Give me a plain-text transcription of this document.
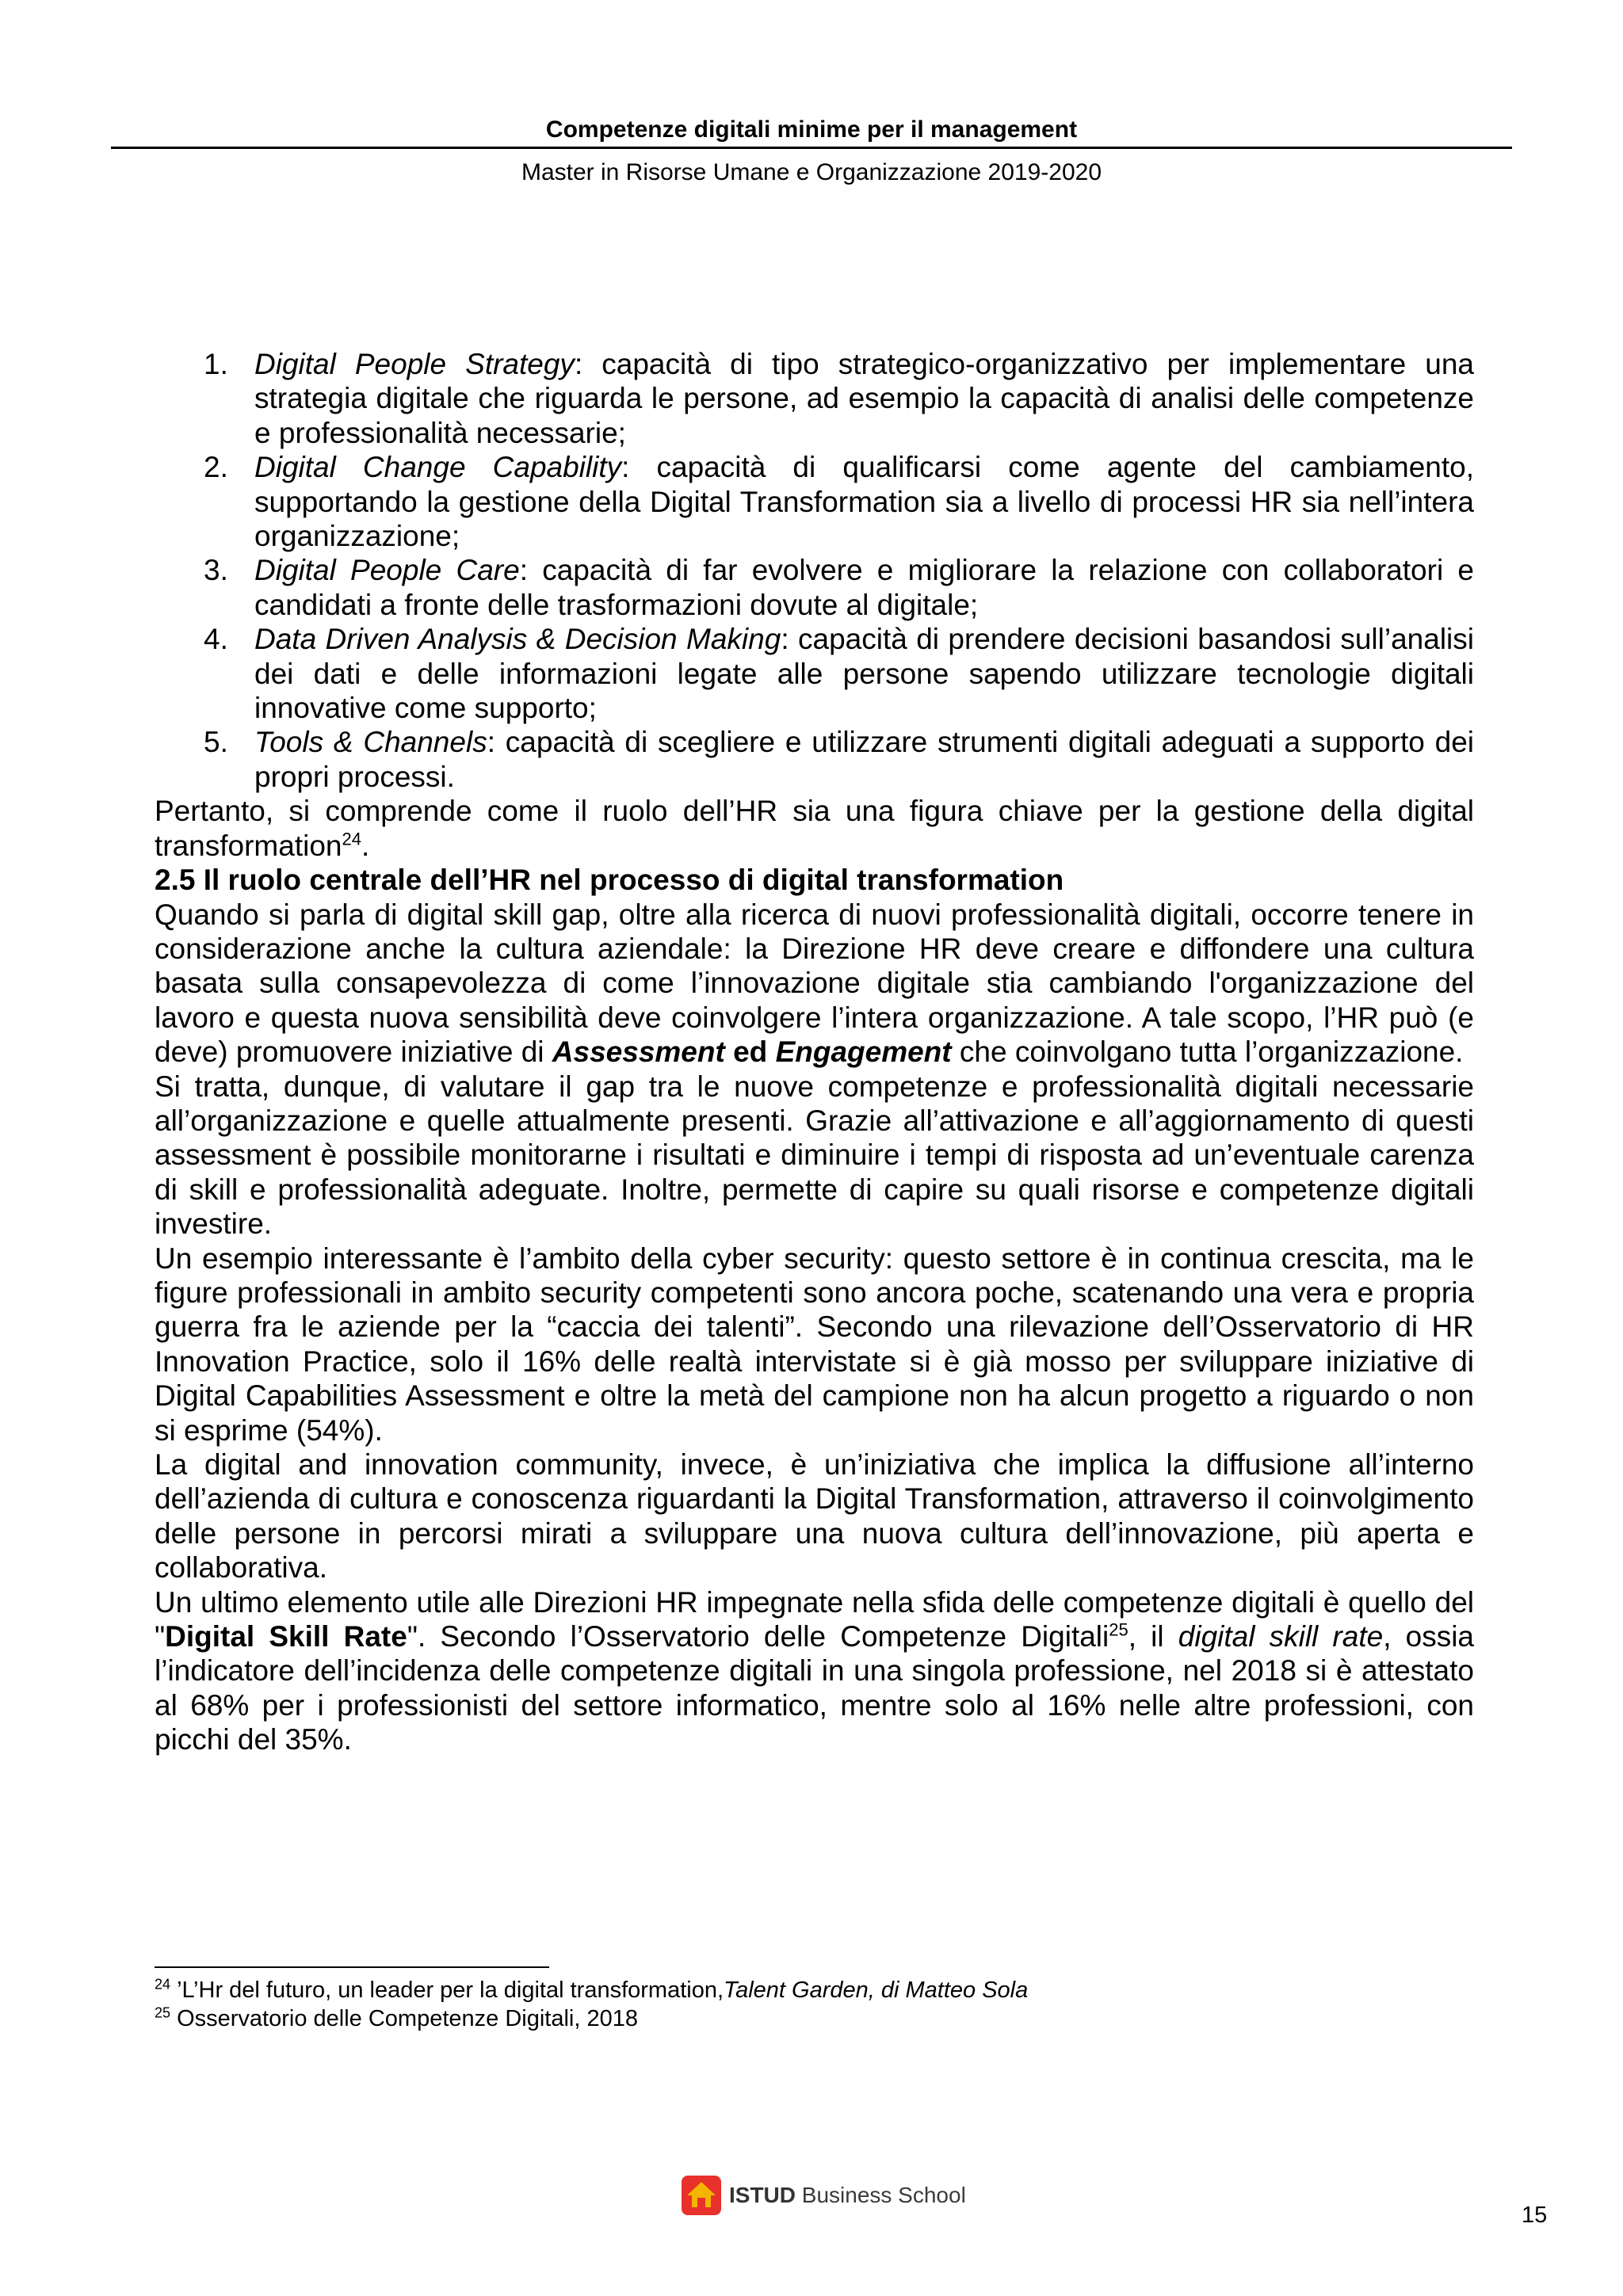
Competenze digitali minime per il management
Master in Risorse Umane e Organizzazione 2019-2020
1. Digital People Strategy: capacità di tipo strategico-organizzativo per implementare una strategia digitale che riguarda le persone, ad esempio la capacità di analisi delle competenze e professionalità necessarie;
2. Digital Change Capability: capacità di qualificarsi come agente del cambiamento, supportando la gestione della Digital Transformation sia a livello di processi HR sia nell’intera organizzazione;
3. Digital People Care: capacità di far evolvere e migliorare la relazione con collaboratori e candidati a fronte delle trasformazioni dovute al digitale;
4. Data Driven Analysis & Decision Making: capacità di prendere decisioni basandosi sull’analisi dei dati e delle informazioni legate alle persone sapendo utilizzare tecnologie digitali innovative come supporto;
5. Tools & Channels: capacità di scegliere e utilizzare strumenti digitali adeguati a supporto dei propri processi.

Pertanto, si comprende come il ruolo dell’HR sia una figura chiave per la gestione della digital transformation$^{24}$.

2.5 Il ruolo centrale dell’HR nel processo di digital transformation

Quando si parla di digital skill gap, oltre alla ricerca di nuovi professionalità digitali, occorre tenere in considerazione anche la cultura aziendale: la Direzione HR deve creare e diffondere una cultura basata sulla consapevolezza di come l’innovazione digitale stia cambiando l'organizzazione del lavoro e questa nuova sensibilità deve coinvolgere l’intera organizzazione. A tale scopo, l’HR può (e deve) promuovere iniziative di Assessment ed Engagement che coinvolgano tutta l’organizzazione.

Si tratta, dunque, di valutare il gap tra le nuove competenze e professionalità digitali necessarie all’organizzazione e quelle attualmente presenti. Grazie all’attivazione e all’aggiornamento di questi assessment è possibile monitorarne i risultati e diminuire i tempi di risposta ad un’eventuale carenza di skill e professionalità adeguate. Inoltre, permette di capire su quali risorse e competenze digitali investire.

Un esempio interessante è l’ambito della cyber security: questo settore è in continua crescita, ma le figure professionali in ambito security competenti sono ancora poche, scatenando una vera e propria guerra fra le aziende per la “caccia dei talenti”. Secondo una rilevazione dell’Osservatorio di HR Innovation Practice, solo il 16% delle realtà intervistate si è già mosso per sviluppare iniziative di Digital Capabilities Assessment e oltre la metà del campione non ha alcun progetto a riguardo o non si esprime (54%).

La digital and innovation community, invece, è un’iniziativa che implica la diffusione all’interno dell’azienda di cultura e conoscenza riguardanti la Digital Transformation, attraverso il coinvolgimento delle persone in percorsi mirati a sviluppare una nuova cultura dell’innovazione, più aperta e collaborativa.

Un ultimo elemento utile alle Direzioni HR impegnate nella sfida delle competenze digitali è quello del "Digital Skill Rate". Secondo l’Osservatorio delle Competenze Digitali$^{25}$, il digital skill rate, ossia l’indicatore dell’incidenza delle competenze digitali in una singola professione, nel 2018 si è attestato al 68% per i professionisti del settore informatico, mentre solo al 16% nelle altre professioni, con picchi del 35%.

$^{24}$ ’L’Hr del futuro, un leader per la digital transformation,Talent Garden, di Matteo Sola
$^{25}$ Osservatorio delle Competenze Digitali, 2018
ISTUD Business School
15
